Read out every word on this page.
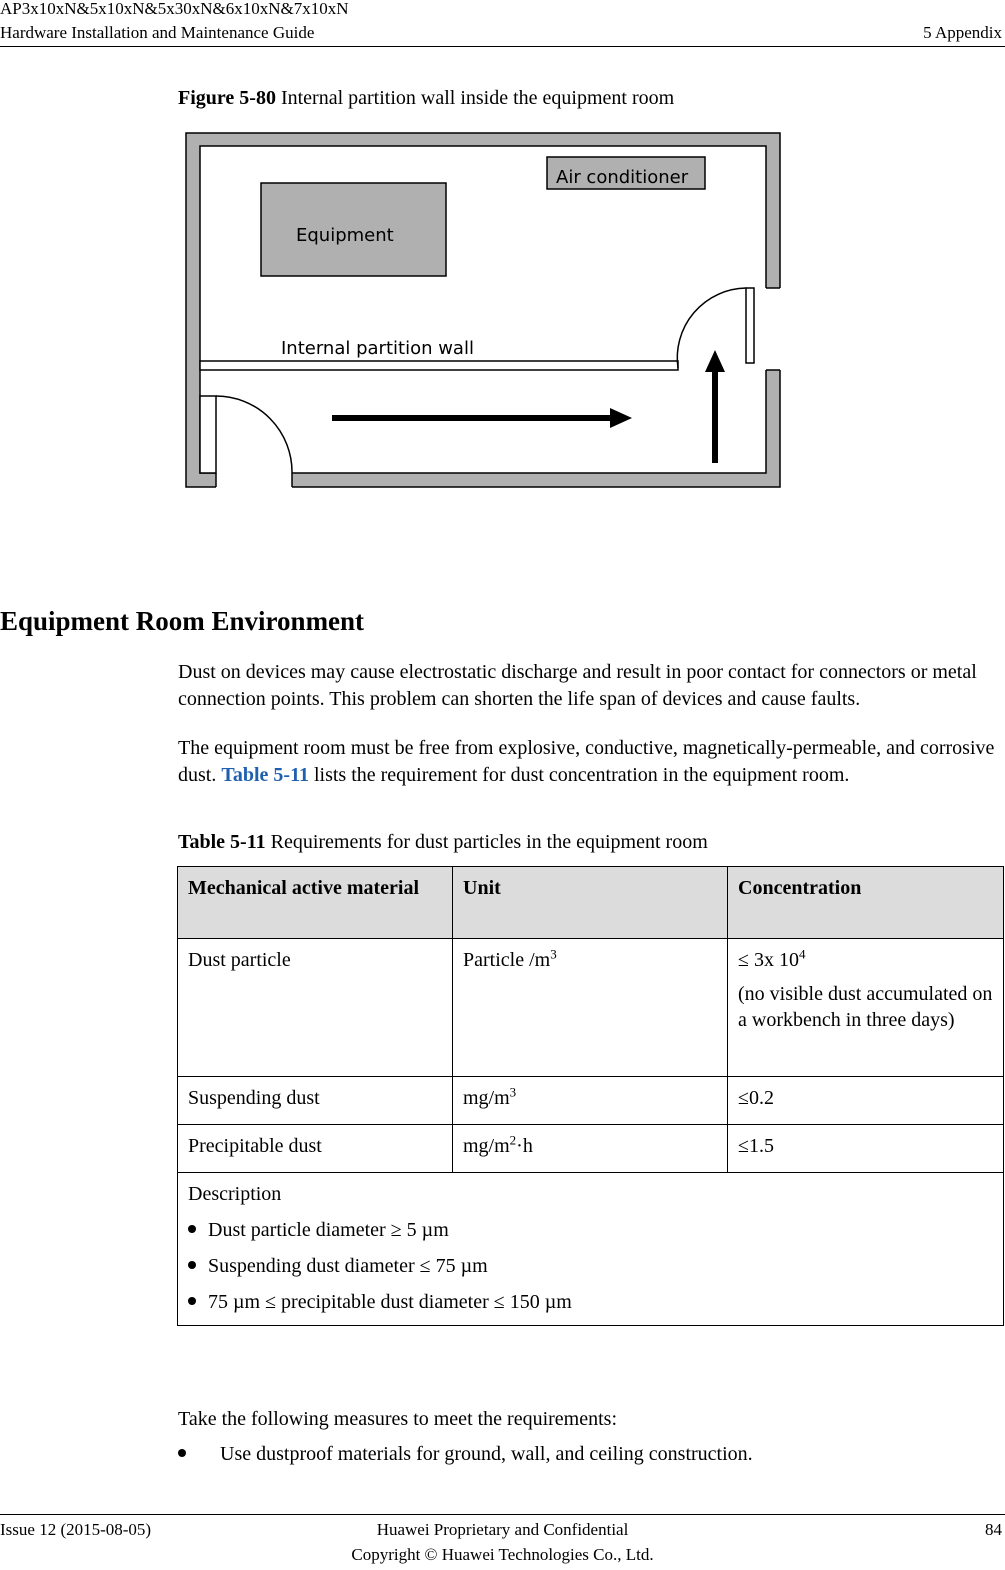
AP3x10xN&5x10xN&5x30xN&6x10xN&7x10xN
Hardware Installation and Maintenance Guide	5 Appendix
Figure 5-80 Internal partition wall inside the equipment room
Internal partition wall
Equipment
Air conditioner
Equipment Room Environment
Dust on devices may cause electrostatic discharge and result in poor contact for connectors or metal connection points. This problem can shorten the life span of devices and cause faults.
The equipment room must be free from explosive, conductive, magnetically-permeable, and corrosive dust. Table 5-11 lists the requirement for dust concentration in the equipment room.
Table 5-11 Requirements for dust particles in the equipment room
Mechanical active material	Unit	Concentration
Dust particle	Particle $/m^3$	≤ 3x $10^4$

(no visible dust accumulated on a workbench in three days)

Suspending dust	$mg/m^3$	≤0.2
Precipitable dust	$mg/m^2\cdot h$	≤1.5

Description
Dust particle diameter ≥ 5 µm
Suspending dust diameter ≤ 75 µm
75 µm ≤ precipitable dust diameter ≤ 150 µm		
Take the following measures to meet the requirements:
Use dustproof materials for ground, wall, and ceiling construction.
Issue 12 (2015-08-05)	Huawei Proprietary and Confidential
Copyright © Huawei Technologies Co., Ltd.
84
